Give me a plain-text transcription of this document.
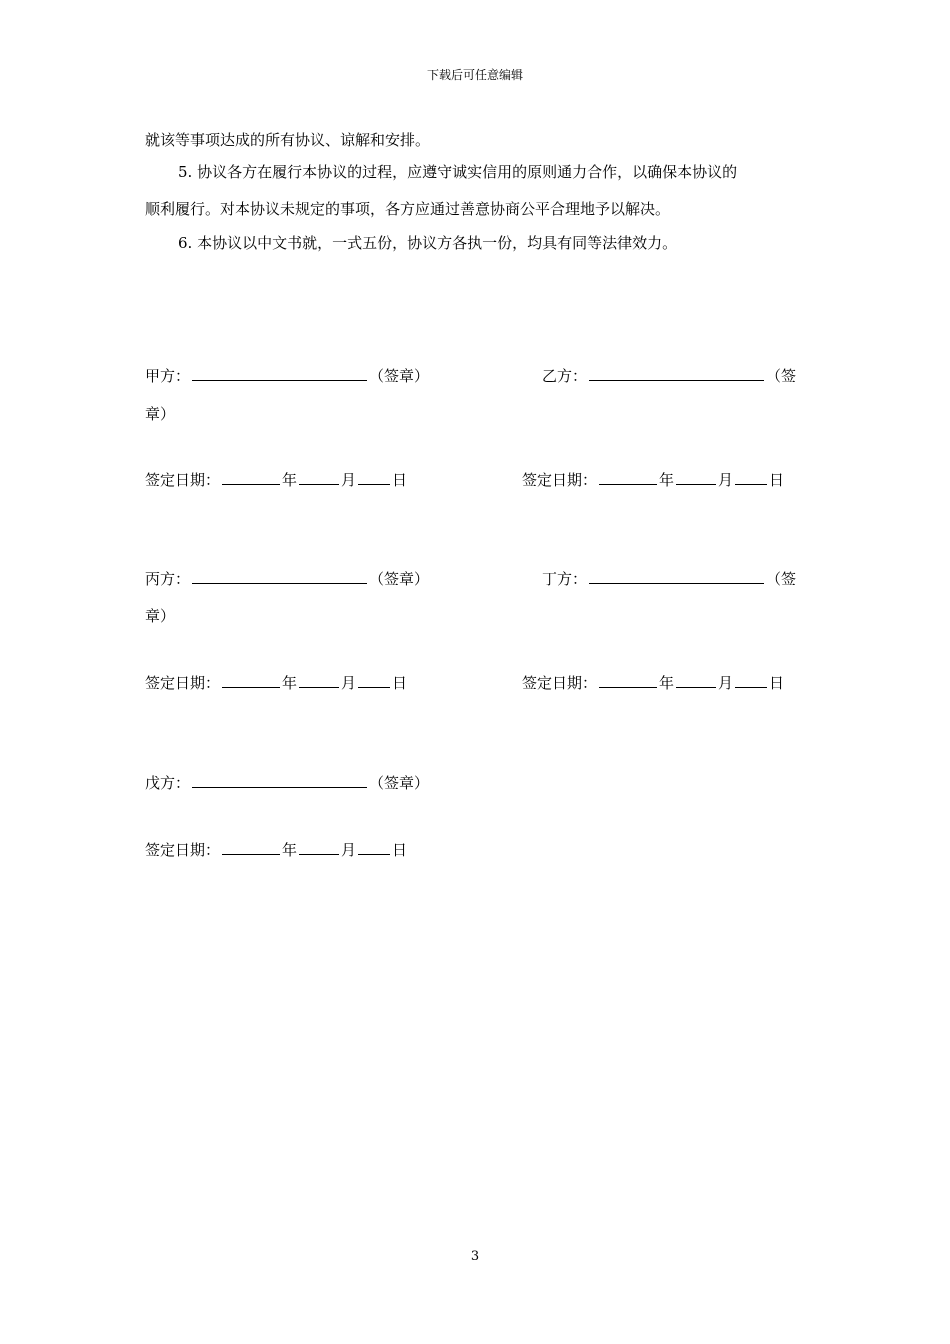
下载后可任意编辑
就该等事项达成的所有协议、谅解和安排。
5. 协议各方在履行本协议的过程，应遵守诚实信用的原则通力合作，以确保本协议的
顺利履行。对本协议未规定的事项，各方应通过善意协商公平合理地予以解决。
6. 本协议以中文书就，一式五份，协议方各执一份，均具有同等法律效力。
甲方：	（签章）	乙方：	（签
章）
签定日期：	年	月 日	签定日期：	年	月 日
丙方：	（签章）	丁方：	（签
章）
签定日期：	年	月 日	签定日期：	年	月 日
戊方：	（签章）
签定日期：	年	月 日
3
